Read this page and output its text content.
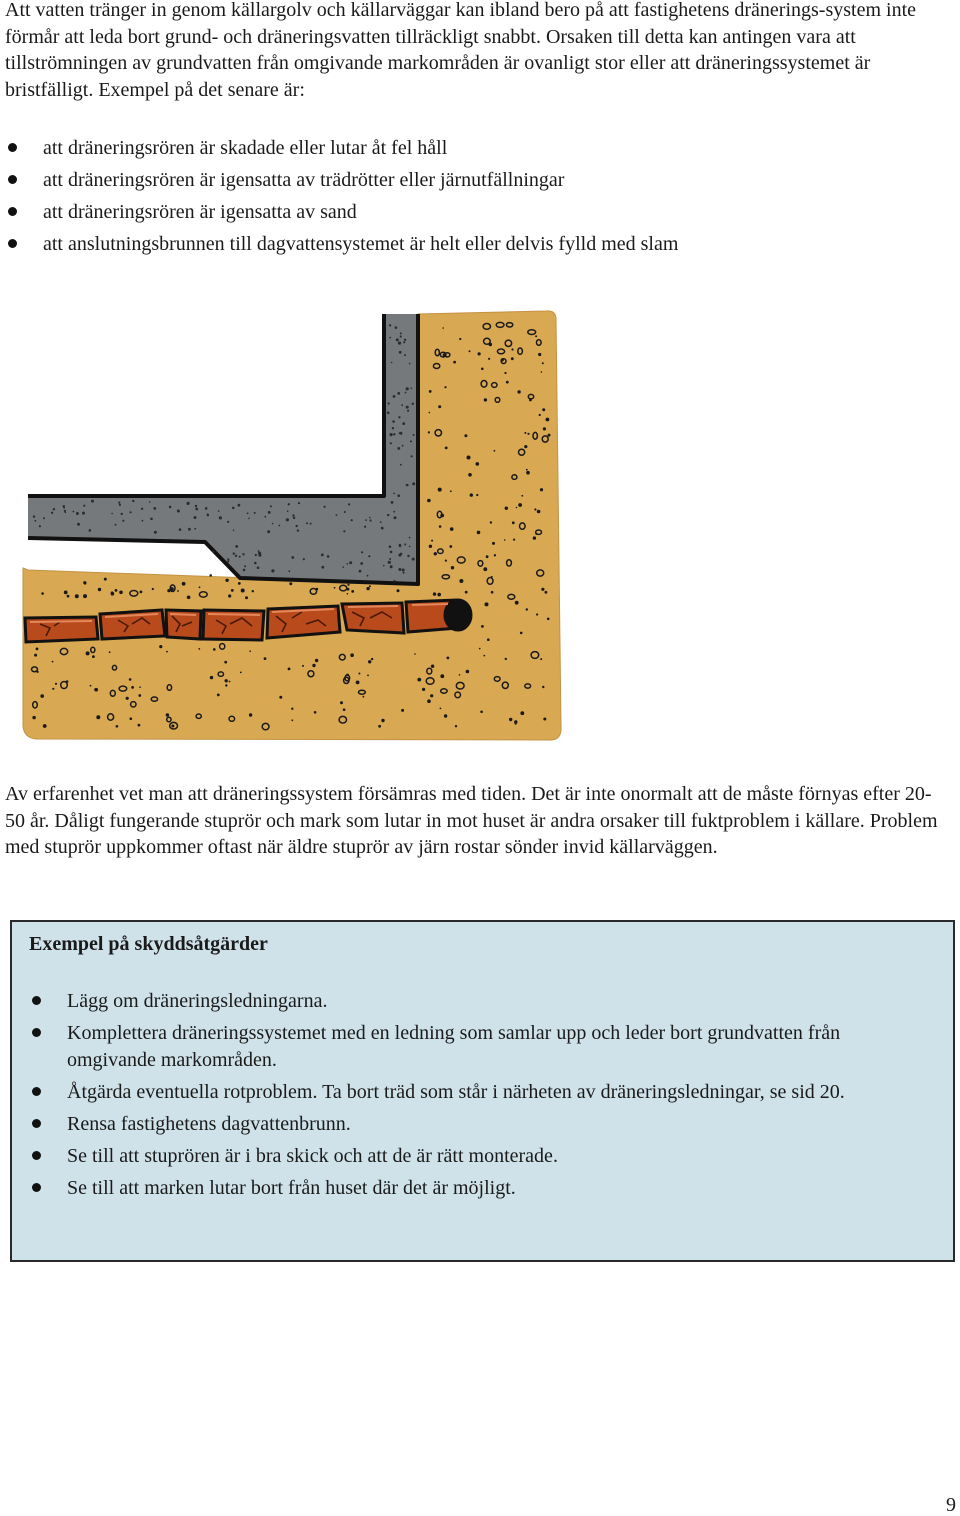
Att vatten tränger in genom källargolv och källarväggar kan ibland bero på att fastighetens dränerings-system inte förmår att leda bort grund- och dräneringsvatten tillräckligt snabbt. Orsaken till detta kan antingen vara att tillströmningen av grundvatten från omgivande markområden är ovanligt stor eller att dräneringssystemet är bristfälligt. Exempel på det senare är:

att dräneringsrören är skadade eller lutar åt fel håll
att dräneringsrören är igensatta av trädrötter eller järnutfällningar
att dräneringsrören är igensatta av sand
att anslutningsbrunnen till dagvattensystemet är helt eller delvis fylld med slam

Av erfarenhet vet man att dräneringssystem försämras med tiden. Det är inte onormalt att de måste förnyas efter 20-50 år. Dåligt fungerande stuprör och mark som lutar in mot huset är andra orsaker till fuktproblem i källare. Problem med stuprör uppkommer oftast när äldre stuprör av järn rostar sönder invid källarväggen.

Exempel på skyddsåtgärder
Lägg om dräneringsledningarna.
Komplettera dräneringssystemet med en ledning som samlar upp och leder bort grundvatten från omgivande markområden.
Åtgärda eventuella rotproblem. Ta bort träd som står i närheten av dräneringsledningar, se sid 20.
Rensa fastighetens dagvattenbrunn.
Se till att stuprören är i bra skick och att de är rätt monterade.
Se till att marken lutar bort från huset där det är möjligt.
9
